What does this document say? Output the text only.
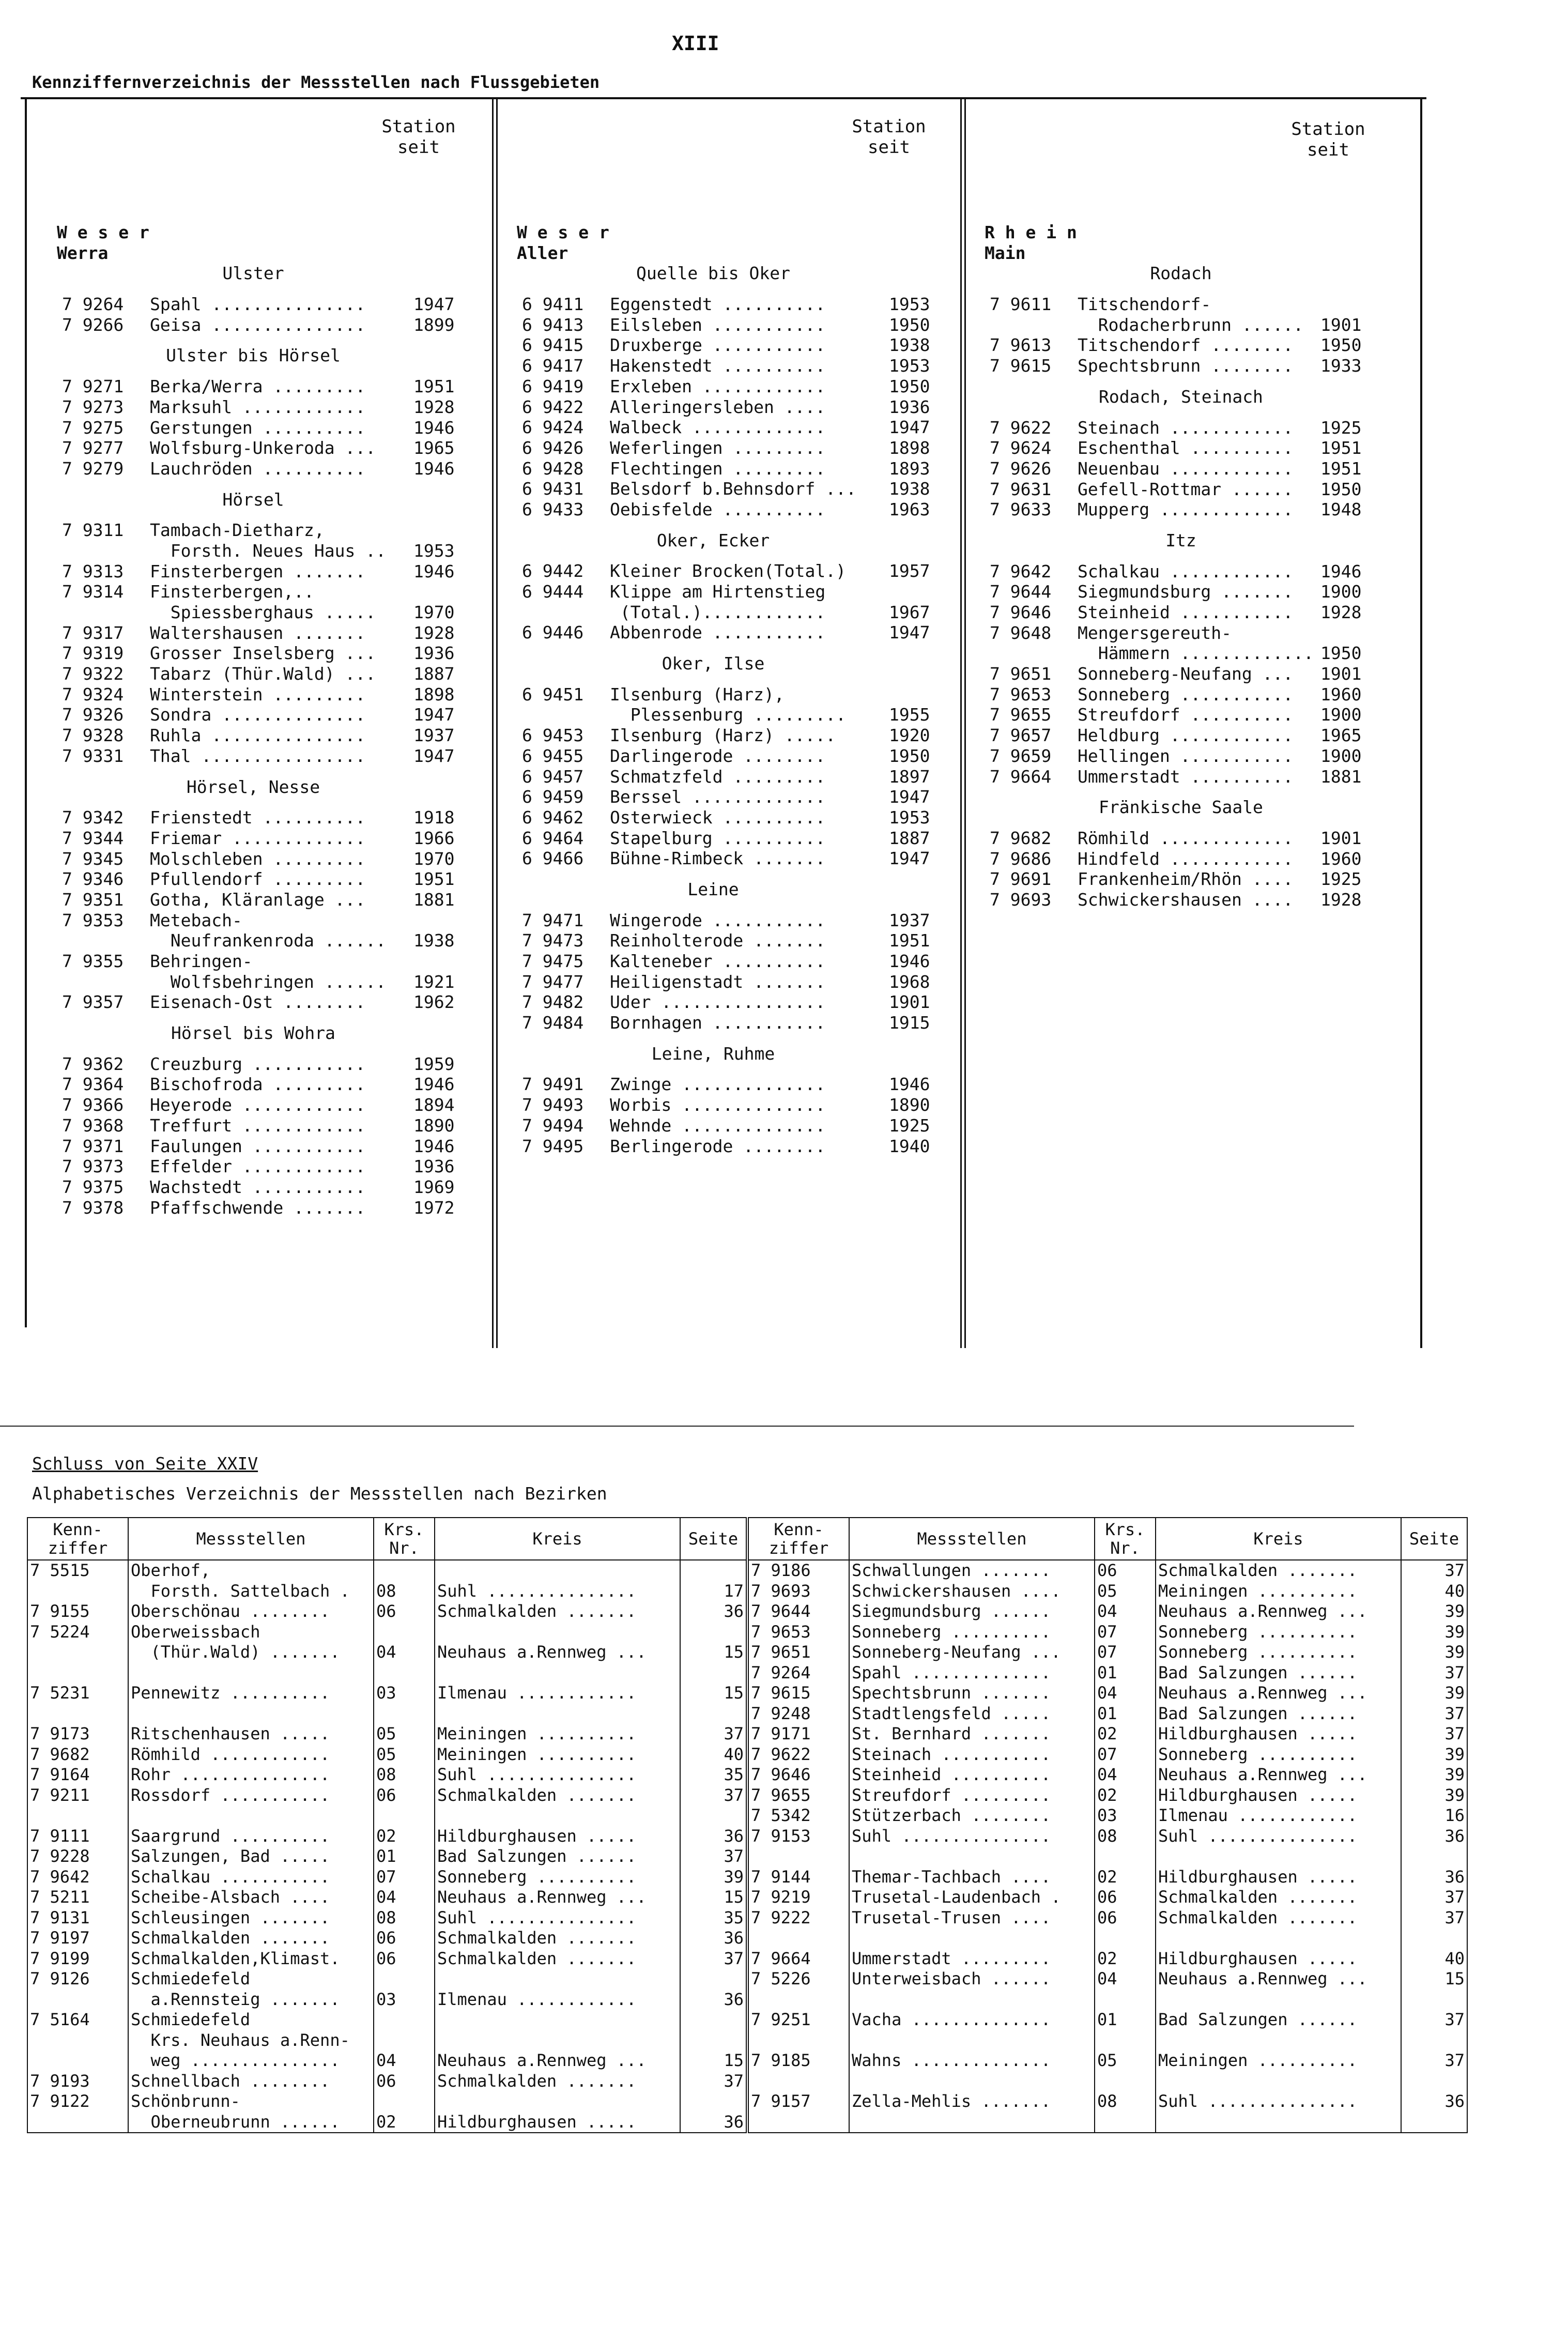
XIII
Kennziffernverzeichnis der Messstellen nach Flussgebieten
Station
seit
Station
seit
Station
seit
W e s e r
Werra
Ulster
7 9264 Spahl ...............	1947
7 9266 Geisa ...............	1899
Ulster bis Hörsel
7 9271 Berka/Werra .........	1951
7 9273 Marksuhl ............	1928
7 9275 Gerstungen ..........	1946
7 9277 Wolfsburg-Unkeroda ... 1965
7 9279 Lauchröden ..........	1946
Hörsel
7 9311 Tambach-Dietharz,
Forsth. Neues Haus .. 1953
7 9313 Finsterbergen .......	1946
7 9314 Finsterbergen,..
Spiessberghaus ..... 1970
7 9317 Waltershausen .......	1928
7 9319 Grosser Inselsberg ... 1936
7 9322 Tabarz (Thür.Wald) ... 1887
7 9324 Winterstein .........	1898
7 9326 Sondra ..............	1947
7 9328 Ruhla ...............	1937
7 9331 Thal ................	1947
Hörsel, Nesse
7 9342 Frienstedt ..........	1918
7 9344 Friemar .............	1966
7 9345 Molschleben .........	1970
7 9346 Pfullendorf .........	1951
7 9351 Gotha, Kläranlage ...	1881
7 9353 Metebach-
Neufrankenroda ...... 1938
7 9355 Behringen-
Wolfsbehringen ...... 1921
7 9357 Eisenach-Ost ........	1962
Hörsel bis Wohra
7 9362 Creuzburg ...........	1959
7 9364 Bischofroda .........	1946
7 9366 Heyerode ............	1894
7 9368 Treffurt ............	1890
7 9371 Faulungen ...........	1946
7 9373 Effelder ............	1936
7 9375 Wachstedt ...........	1969
7 9378 Pfaffschwende .......	1972
W e s e r
Aller
Quelle bis Oker
6 9411 Eggenstedt ..........	1953
6 9413 Eilsleben ...........	1950
6 9415 Druxberge ...........	1938
6 9417 Hakenstedt ..........	1953
6 9419 Erxleben ............	1950
6 9422 Alleringersleben ....	1936
6 9424 Walbeck .............	1947
6 9426 Weferlingen .........	1898
6 9428 Flechtingen .........	1893
6 9431 Belsdorf b.Behnsdorf ... 1938
6 9433 Oebisfelde ..........	1963
Oker, Ecker
6 9442 Kleiner Brocken(Total.)	1957
6 9444 Klippe am Hirtenstieg
(Total.)............	1967
6 9446 Abbenrode ...........	1947
Oker, Ilse
6 9451 Ilsenburg (Harz),
Plessenburg .........	1955
6 9453 Ilsenburg (Harz) .....	1920
6 9455 Darlingerode ........	1950
6 9457 Schmatzfeld .........	1897
6 9459 Berssel .............	1947
6 9462 Osterwieck ..........	1953
6 9464 Stapelburg ..........	1887
6 9466 Bühne-Rimbeck .......	1947
Leine
7 9471 Wingerode ...........	1937
7 9473 Reinholterode .......	1951
7 9475 Kalteneber ..........	1946
7 9477 Heiligenstadt .......	1968
7 9482 Uder ................	1901
7 9484 Bornhagen ...........	1915
Leine, Ruhme
7 9491 Zwinge ..............	1946
7 9493 Worbis ..............	1890
7 9494 Wehnde ..............	1925
7 9495 Berlingerode ........	1940
R h e i n
Main
Rodach
7 9611 Titschendorf-
Rodacherbrunn ...... 1901
7 9613 Titschendorf ........ 1950
7 9615 Spechtsbrunn ........ 1933
Rodach, Steinach
7 9622 Steinach ............ 1925
7 9624 Eschenthal .......... 1951
7 9626 Neuenbau ............ 1951
7 9631 Gefell-Rottmar ...... 1950
7 9633 Mupperg ............. 1948
Itz
7 9642 Schalkau ............ 1946
7 9644 Siegmundsburg ....... 1900
7 9646 Steinheid ........... 1928
7 9648 Mengersgereuth-
Hämmern ............. 1950
7 9651 Sonneberg-Neufang ... 1901
7 9653 Sonneberg ........... 1960
7 9655 Streufdorf .......... 1900
7 9657 Heldburg ............ 1965
7 9659 Hellingen ........... 1900
7 9664 Ummerstadt .......... 1881
Fränkische Saale
7 9682 Römhild ............. 1901
7 9686 Hindfeld ............ 1960
7 9691 Frankenheim/Rhön .... 1925
7 9693 Schwickershausen .... 1928
Schluss von Seite XXIV
Alphabetisches Verzeichnis der Messstellen nach Bezirken
Kenn-
ziffer	Messstellen	Krs.
Nr.	Kreis	Seite	Kenn-
ziffer	Messstellen	Krs.
Nr.	Kreis	Seite
7 5515	Oberhof,				7 9186	Schwallungen .......	06	Schmalkalden .......	37
	Forsth. Sattelbach .	08	Suhl ...............	17	7 9693	Schwickershausen ....	05	Meiningen ..........	40
7 9155	Oberschönau ........	06	Schmalkalden .......	36	7 9644	Siegmundsburg ......	04	Neuhaus a.Rennweg ...	39
7 5224	Oberweissbach				7 9653	Sonneberg ..........	07	Sonneberg ..........	39
	(Thür.Wald) .......	04	Neuhaus a.Rennweg ...	15	7 9651	Sonneberg-Neufang ...	07	Sonneberg ..........	39
					7 9264	Spahl ..............	01	Bad Salzungen ......	37
7 5231	Pennewitz ..........	03	Ilmenau ............	15	7 9615	Spechtsbrunn .......	04	Neuhaus a.Rennweg ...	39
					7 9248	Stadtlengsfeld .....	01	Bad Salzungen ......	37
7 9173	Ritschenhausen .....	05	Meiningen ..........	37	7 9171	St. Bernhard .......	02	Hildburghausen .....	37
7 9682	Römhild ............	05	Meiningen ..........	40	7 9622	Steinach ...........	07	Sonneberg ..........	39
7 9164	Rohr ...............	08	Suhl ...............	35	7 9646	Steinheid ..........	04	Neuhaus a.Rennweg ...	39
7 9211	Rossdorf ...........	06	Schmalkalden .......	37	7 9655	Streufdorf .........	02	Hildburghausen .....	39
					7 5342	Stützerbach ........	03	Ilmenau ............	16
7 9111	Saargrund ..........	02	Hildburghausen .....	36	7 9153	Suhl ...............	08	Suhl ...............	36
7 9228	Salzungen, Bad .....	01	Bad Salzungen ......	37					
7 9642	Schalkau ...........	07	Sonneberg ..........	39	7 9144	Themar-Tachbach ....	02	Hildburghausen .....	36
7 5211	Scheibe-Alsbach ....	04	Neuhaus a.Rennweg ...	15	7 9219	Trusetal-Laudenbach .	06	Schmalkalden .......	37
7 9131	Schleusingen .......	08	Suhl ...............	35	7 9222	Trusetal-Trusen ....	06	Schmalkalden .......	37
7 9197	Schmalkalden .......	06	Schmalkalden .......	36					
7 9199	Schmalkalden,Klimast.	06	Schmalkalden .......	37	7 9664	Ummerstadt .........	02	Hildburghausen .....	40
7 9126	Schmiedefeld				7 5226	Unterweisbach ......	04	Neuhaus a.Rennweg ...	15
	a.Rennsteig .......	03	Ilmenau ............	36					
7 5164	Schmiedefeld				7 9251	Vacha ..............	01	Bad Salzungen ......	37
	Krs. Neuhaus a.Renn-								
	weg ...............	04	Neuhaus a.Rennweg ...	15	7 9185	Wahns ..............	05	Meiningen ..........	37
7 9193	Schnellbach ........	06	Schmalkalden .......	37					
7 9122	Schönbrunn-				7 9157	Zella-Mehlis .......	08	Suhl ...............	36
	Oberneubrunn ......	02	Hildburghausen .....	36					
